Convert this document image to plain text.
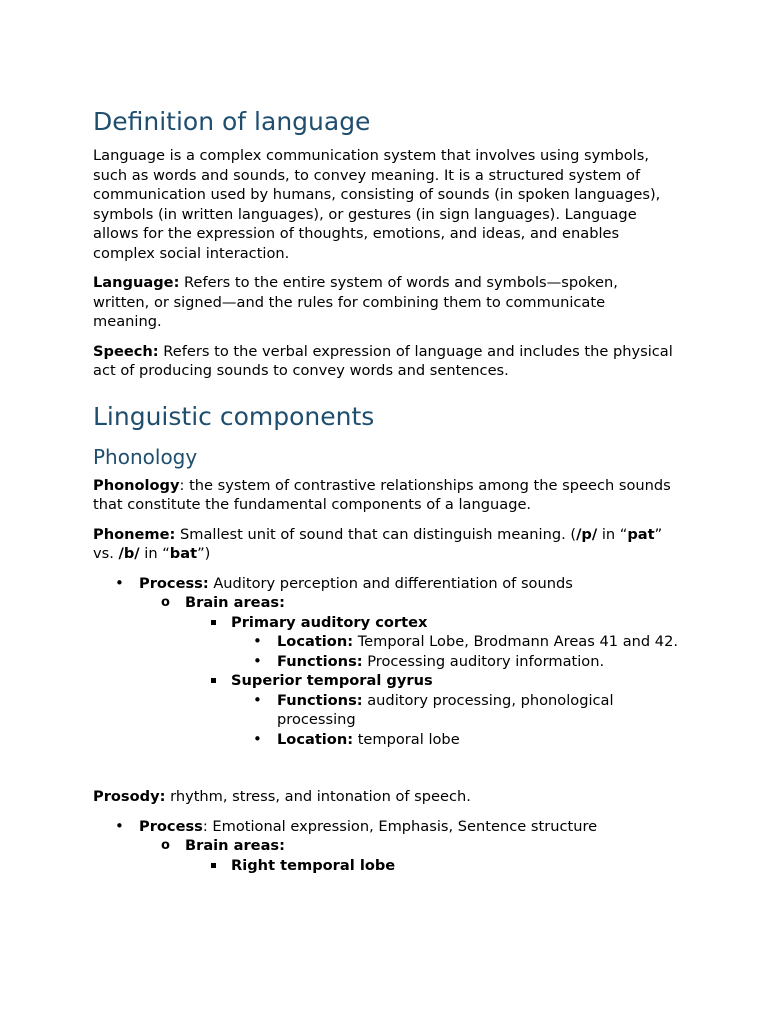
Definition of language

Language is a complex communication system that involves using symbols, such as words and sounds, to convey meaning. It is a structured system of communication used by humans, consisting of sounds (in spoken languages), symbols (in written languages), or gestures (in sign languages). Language allows for the expression of thoughts, emotions, and ideas, and enables complex social interaction.

Language: Refers to the entire system of words and symbols—spoken, written, or signed—and the rules for combining them to communicate meaning.

Speech: Refers to the verbal expression of language and includes the physical act of producing sounds to convey words and sentences.

Linguistic components
Phonology

Phonology: the system of contrastive relationships among the speech sounds that constitute the fundamental components of a language.

Phoneme: Smallest unit of sound that can distinguish meaning. (/p/ in “pat” vs. /b/ in “bat”)

•
Process: Auditory perception and differentiation of sounds
o	Brain areas:
Primary auditory cortex
•
Location: Temporal Lobe, Brodmann Areas 41 and 42.
•
Functions: Processing auditory information.
Superior temporal gyrus
•
Functions: auditory processing, phonological processing
•
Location: temporal lobe

Prosody: rhythm, stress, and intonation of speech.

•
Process: Emotional expression, Emphasis, Sentence structure
o	Brain areas:
Right temporal lobe
